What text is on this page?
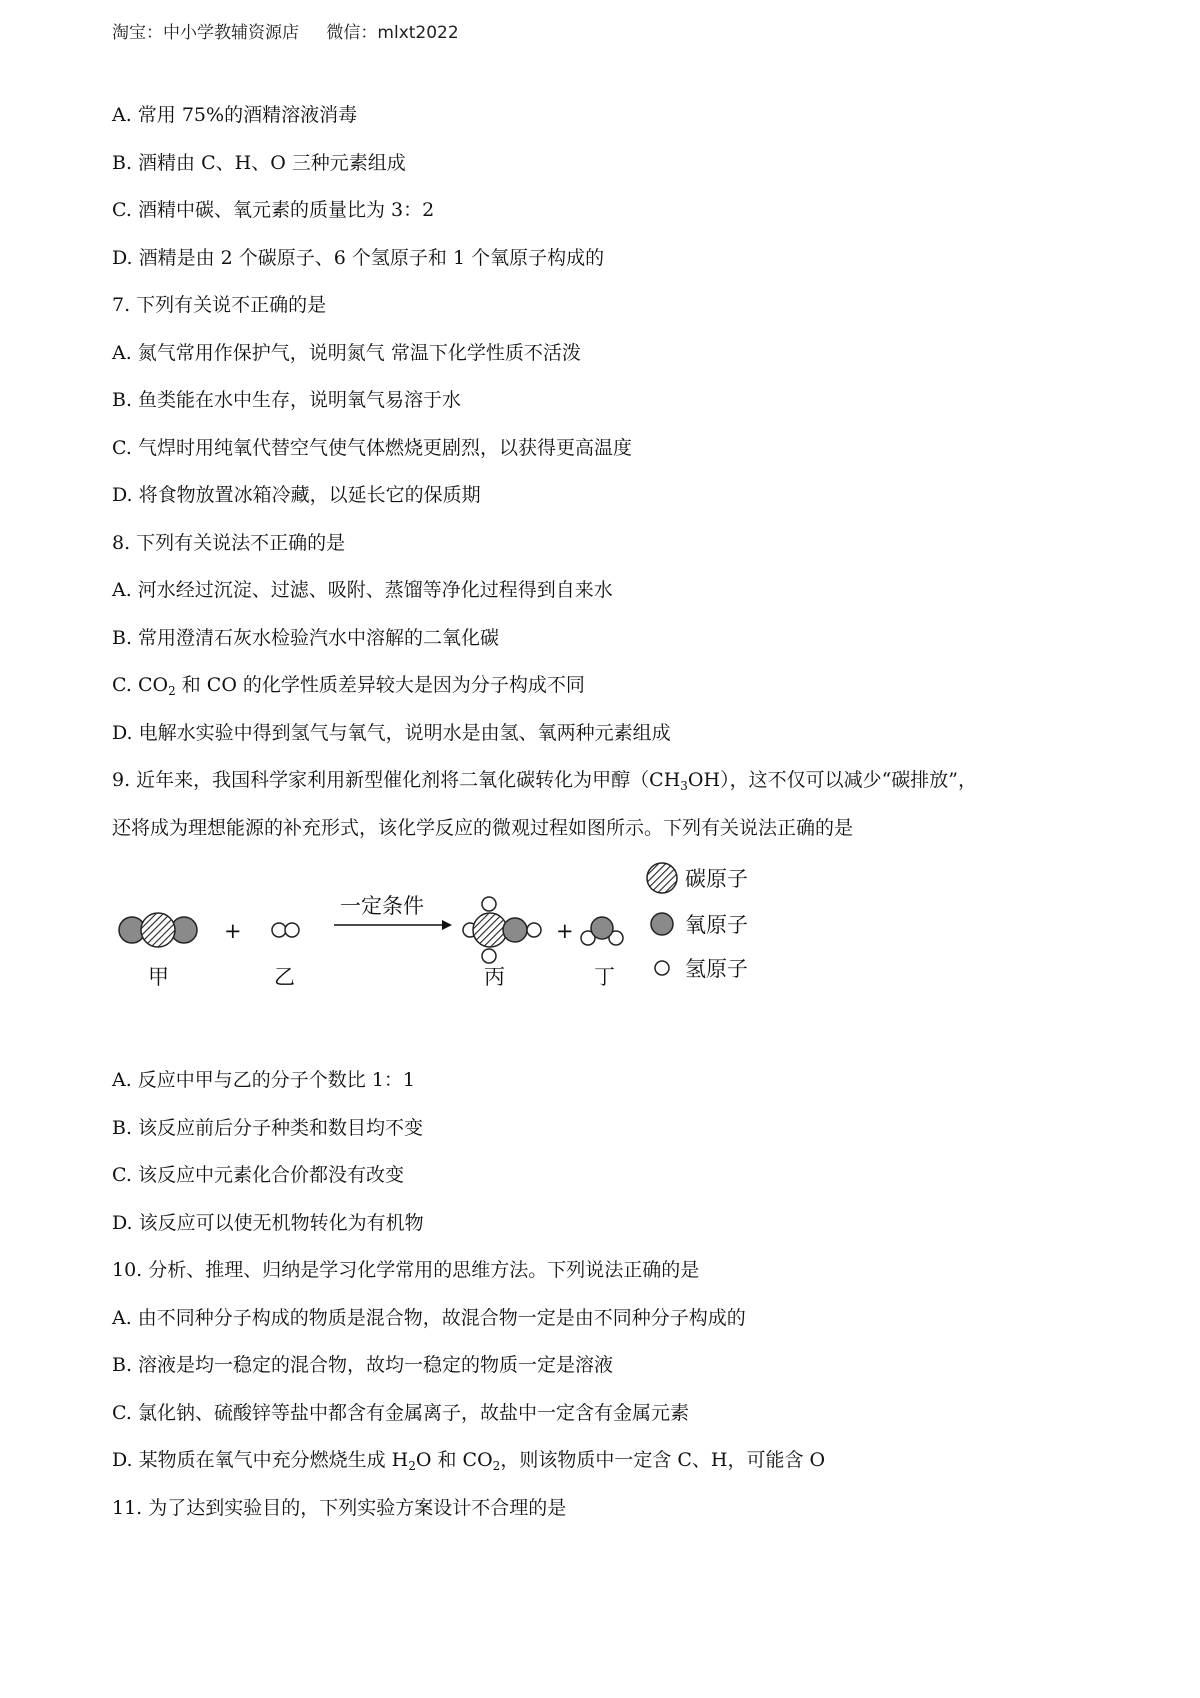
淘宝：中小学教辅资源店 微信：mlxt2022
A. 常用 75%的酒精溶液消毒
B. 酒精由 C、H、O 三种元素组成
C. 酒精中碳、氧元素的质量比为 3：2
D. 酒精是由 2 个碳原子、6 个氢原子和 1 个氧原子构成的
7. 下列有关说不正确的是
A. 氮气常用作保护气，说明氮气 常温下化学性质不活泼
B. 鱼类能在水中生存，说明氧气易溶于水
C. 气焊时用纯氧代替空气使气体燃烧更剧烈，以获得更高温度
D. 将食物放置冰箱冷藏，以延长它的保质期
8. 下列有关说法不正确的是
A. 河水经过沉淀、过滤、吸附、蒸馏等净化过程得到自来水
B. 常用澄清石灰水检验汽水中溶解的二氧化碳
C. $CO_2$ 和 CO 的化学性质差异较大是因为分子构成不同
D. 电解水实验中得到氢气与氧气，说明水是由氢、氧两种元素组成
9. 近年来，我国科学家利用新型催化剂将二氧化碳转化为甲醇$(CH_3OH)$，这不仅可以减少“碳排放”，
还将成为理想能源的补充形式，该化学反应的微观过程如图所示。下列有关说法正确的是
甲
+
乙
一定条件
丙
+
丁
碳原子
氧原子
氢原子
A. 反应中甲与乙的分子个数比 1：1
B. 该反应前后分子种类和数目均不变
C. 该反应中元素化合价都没有改变
D. 该反应可以使无机物转化为有机物
10. 分析、推理、归纳是学习化学常用的思维方法。下列说法正确的是
A. 由不同种分子构成的物质是混合物，故混合物一定是由不同种分子构成的
B. 溶液是均一稳定的混合物，故均一稳定的物质一定是溶液
C. 氯化钠、硫酸锌等盐中都含有金属离子，故盐中一定含有金属元素
D. 某物质在氧气中充分燃烧生成 $H_2O$ 和 $CO_2$，则该物质中一定含 C、H，可能含 O
11. 为了达到实验目的，下列实验方案设计不合理的是
